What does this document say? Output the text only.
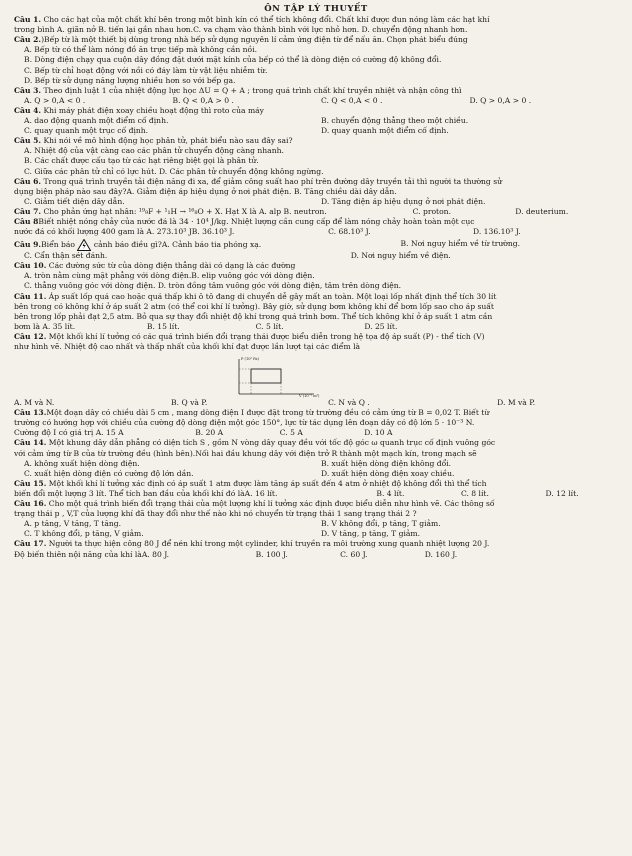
ÔN TẬP LÝ THUYẾT

Câu 1. Cho các hạt của một chất khí bên trong một bình kín có thể tích không đổi. Chất khí được đun nóng làm các hạt khí

trong bình A. giãn nở B. tiến lại gần nhau hơn.C. va chạm vào thành bình với lực nhỏ hơn. D. chuyển động nhanh hơn.

Câu 2.)Bếp từ là một thiết bị dùng trong nhà bếp sử dụng nguyên lí cảm ứng điện từ để nấu ăn. Chọn phát biểu đúng

A. Bếp từ có thể làm nóng đồ ăn trực tiếp mà không cần nồi.

B. Dòng điện chạy qua cuộn dây đồng đặt dưới mặt kính của bếp có thể là dòng điện có cường độ không đổi.

C. Bếp từ chỉ hoạt động với nồi có đáy làm từ vật liệu nhiễm từ.

D. Bếp từ sử dụng năng lượng nhiều hơn so với bếp ga.

Câu 3. Theo định luật 1 của nhiệt động lực học ΔU = Q + A ; trong quá trình chất khí truyền nhiệt và nhận công thì

A. Q > 0,A < 0 .	B. Q < 0,A > 0 .	C. Q < 0,A < 0 .	D. Q > 0,A > 0 .

Câu 4. Khi máy phát điện xoay chiều hoạt động thì roto của máy

A. dao động quanh một điểm cố định.	B. chuyển động thẳng theo một chiều.
C. quay quanh một trục cố định.	D. quay quanh một điểm cố định.

Câu 5. Khi nói về mô hình động học phân tử, phát biểu nào sau đây sai?

A. Nhiệt độ của vật càng cao các phân tử chuyển động càng nhanh.

B. Các chất được cấu tạo từ các hạt riêng biệt gọi là phân tử.

C. Giữa các phân tử chỉ có lực hút. D. Các phân tử chuyển động không ngừng.

Câu 6. Trong quá trình truyền tải điện năng đi xa, để giảm công suất hao phí trên đường dây truyền tải thì người ta thường sử

dụng biện pháp nào sau đây?A. Giảm điện áp hiệu dụng ở nơi phát điện. B. Tăng chiều dài dây dẫn.

C. Giảm tiết diện dây dẫn.	D. Tăng điện áp hiệu dụng ở nơi phát điện.
Câu 7. Cho phản ứng hạt nhân: ¹⁹₉F + ¹₁H → ¹⁶₈O + X. Hạt X là A. alp B. neutron.	C. proton.	D. deuterium.

Câu 8Biết nhiệt nóng chảy của nước đá là 34 · 10⁴ J/kg. Nhiệt lượng cần cung cấp để làm nóng chảy hoàn toàn một cục

nước đá có khối lượng 400 gam là A. 273.10³ JB. 36.10³ J.	C. 68.10³ J.	D. 136.10³ J.
Câu 9.Biển báo cảnh báo điều gì?A. Cảnh báo tia phóng xạ.	B. Nơi nguy hiểm về từ trường.
C. Cẩn thận sét đánh.	D. Nơi nguy hiểm về điện.

Câu 10. Các đường sức từ của dòng điện thẳng dài có dạng là các đường

A. tròn nằm cùng mặt phẳng với dòng điện.B. elip vuông góc với dòng điện.

C. thẳng vuông góc với dòng điện. D. tròn đồng tâm vuông góc với dòng điện, tâm trên dòng điện.

Câu 11. Áp suất lốp quá cao hoặc quá thấp khi ô tô đang di chuyển dễ gây mất an toàn. Một loại lốp nhất định thể tích 30 lít

bên trong có không khí ở áp suất 2 atm (có thể coi khí lí tưởng). Bây giờ, sử dụng bơm không khí để bơm lốp sao cho áp suất

bên trong lốp phải đạt 2,5 atm. Bỏ qua sự thay đổi nhiệt độ khí trong quá trình bơm. Thể tích không khí ở áp suất 1 atm cần

bơm là A. 35 lít.	B. 15 lít.	C. 5 lít.	D. 25 lít.

Câu 12. Một khối khí lí tưởng có các quá trình biến đổi trạng thái được biểu diễn trong hệ tọa độ áp suất (P) - thể tích (V)

như hình vẽ. Nhiệt độ cao nhất và thấp nhất của khối khí đạt được lần lượt tại các điểm là

P (10⁵ Pa)
V (10⁻³ m³)
A. M và N.	B. Q và P.	C. N và Q .	D. M và P.

Câu 13.Một đoạn dây có chiều dài 5 cm , mang dòng điện I được đặt trong từ trường đều có cảm ứng từ B = 0,02 T. Biết từ

trường có hướng hợp với chiều của cường độ dòng điện một góc 150°, lực từ tác dụng lên đoạn dây có độ lớn 5 · 10⁻³ N.

Cường độ I có giá trị A. 15 A	B. 20 A	C. 5 A	D. 10 A

Câu 14. Một khung dây dẫn phẳng có diện tích S , gồm N vòng dây quay đều với tốc độ góc ω quanh trục cố định vuông góc

với cảm ứng từ B của từ trường đều (hình bên).Nối hai đầu khung dây với điện trở R thành một mạch kín, trong mạch sẽ

A. không xuất hiện dòng điện.	B. xuất hiện dòng điện không đổi.
C. xuất hiện dòng điện có cường độ lớn dần.	D. xuất hiện dòng điện xoay chiều.

Câu 15. Một khối khí lí tưởng xác định có áp suất 1 atm được làm tăng áp suất đến 4 atm ở nhiệt độ không đổi thì thể tích

biến đổi một lượng 3 lít. Thể tích ban đầu của khối khí đó làA. 16 lít.	B. 4 lít.	C. 8 lít.	D. 12 lít.

Câu 16. Cho một quá trình biến đổi trạng thái của một lượng khí lí tưởng xác định được biểu diễn như hình vẽ. Các thông số

trạng thái p , V,T của lượng khí đã thay đổi như thế nào khi nó chuyển từ trạng thái 1 sang trạng thái 2 ?

A. p tăng, V tăng, T tăng.	B. V không đổi, p tăng, T giảm.
C. T không đổi, p tăng, V giảm.	D. V tăng, p tăng, T giảm.

Câu 17. Người ta thực hiện công 80 J để nén khí trong một cylinder, khí truyền ra môi trường xung quanh nhiệt lượng 20 J.

Độ biến thiên nội năng của khí làA. 80 J.	B. 100 J.	C. 60 J.	D. 160 J.
